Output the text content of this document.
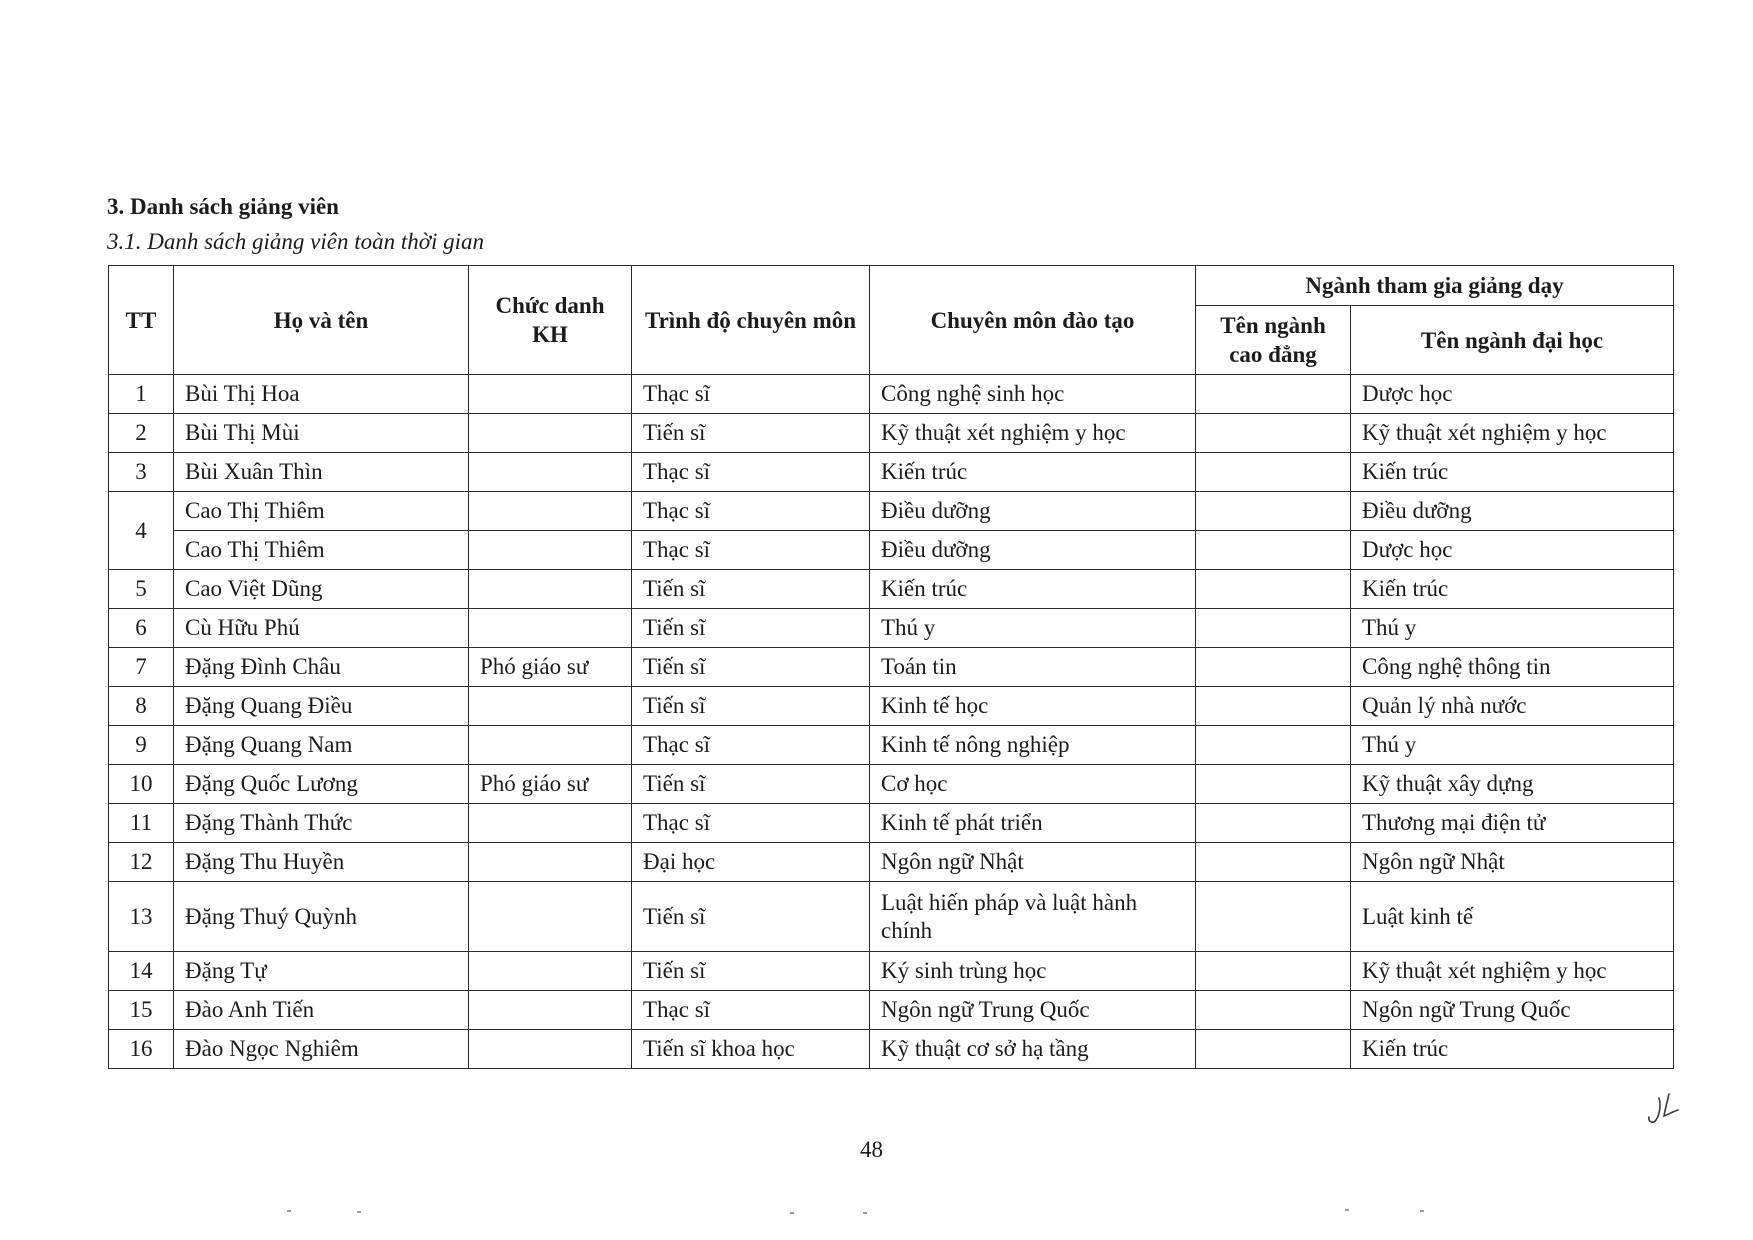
3. Danh sách giảng viên
3.1. Danh sách giảng viên toàn thời gian
TT	Họ và tên	Chức danh KH	Trình độ chuyên môn	Chuyên môn đào tạo	Ngành tham gia giảng dạy	
					Tên ngành cao đẳng	Tên ngành đại học
1	Bùi Thị Hoa		Thạc sĩ	Công nghệ sinh học		Dược học
2	Bùi Thị Mùi		Tiến sĩ	Kỹ thuật xét nghiệm y học		Kỹ thuật xét nghiệm y học
3	Bùi Xuân Thìn		Thạc sĩ	Kiến trúc		Kiến trúc
4	Cao Thị Thiêm		Thạc sĩ	Điều dưỡng		Điều dưỡng
	Cao Thị Thiêm		Thạc sĩ	Điều dưỡng		Dược học
5	Cao Việt Dũng		Tiến sĩ	Kiến trúc		Kiến trúc
6	Cù Hữu Phú		Tiến sĩ	Thú y		Thú y
7	Đặng Đình Châu	Phó giáo sư	Tiến sĩ	Toán tin		Công nghệ thông tin
8	Đặng Quang Điều		Tiến sĩ	Kinh tế học		Quản lý nhà nước
9	Đặng Quang Nam		Thạc sĩ	Kinh tế nông nghiệp		Thú y
10	Đặng Quốc Lương	Phó giáo sư	Tiến sĩ	Cơ học		Kỹ thuật xây dựng
11	Đặng Thành Thức		Thạc sĩ	Kinh tế phát triển		Thương mại điện tử
12	Đặng Thu Huyền		Đại học	Ngôn ngữ Nhật		Ngôn ngữ Nhật
13	Đặng Thuý Quỳnh		Tiến sĩ	Luật hiến pháp và luật hành chính		Luật kinh tế
14	Đặng Tự		Tiến sĩ	Ký sinh trùng học		Kỹ thuật xét nghiệm y học
15	Đào Anh Tiến		Thạc sĩ	Ngôn ngữ Trung Quốc		Ngôn ngữ Trung Quốc
16	Đào Ngọc Nghiêm		Tiến sĩ khoa học	Kỹ thuật cơ sở hạ tầng		Kiến trúc
48
